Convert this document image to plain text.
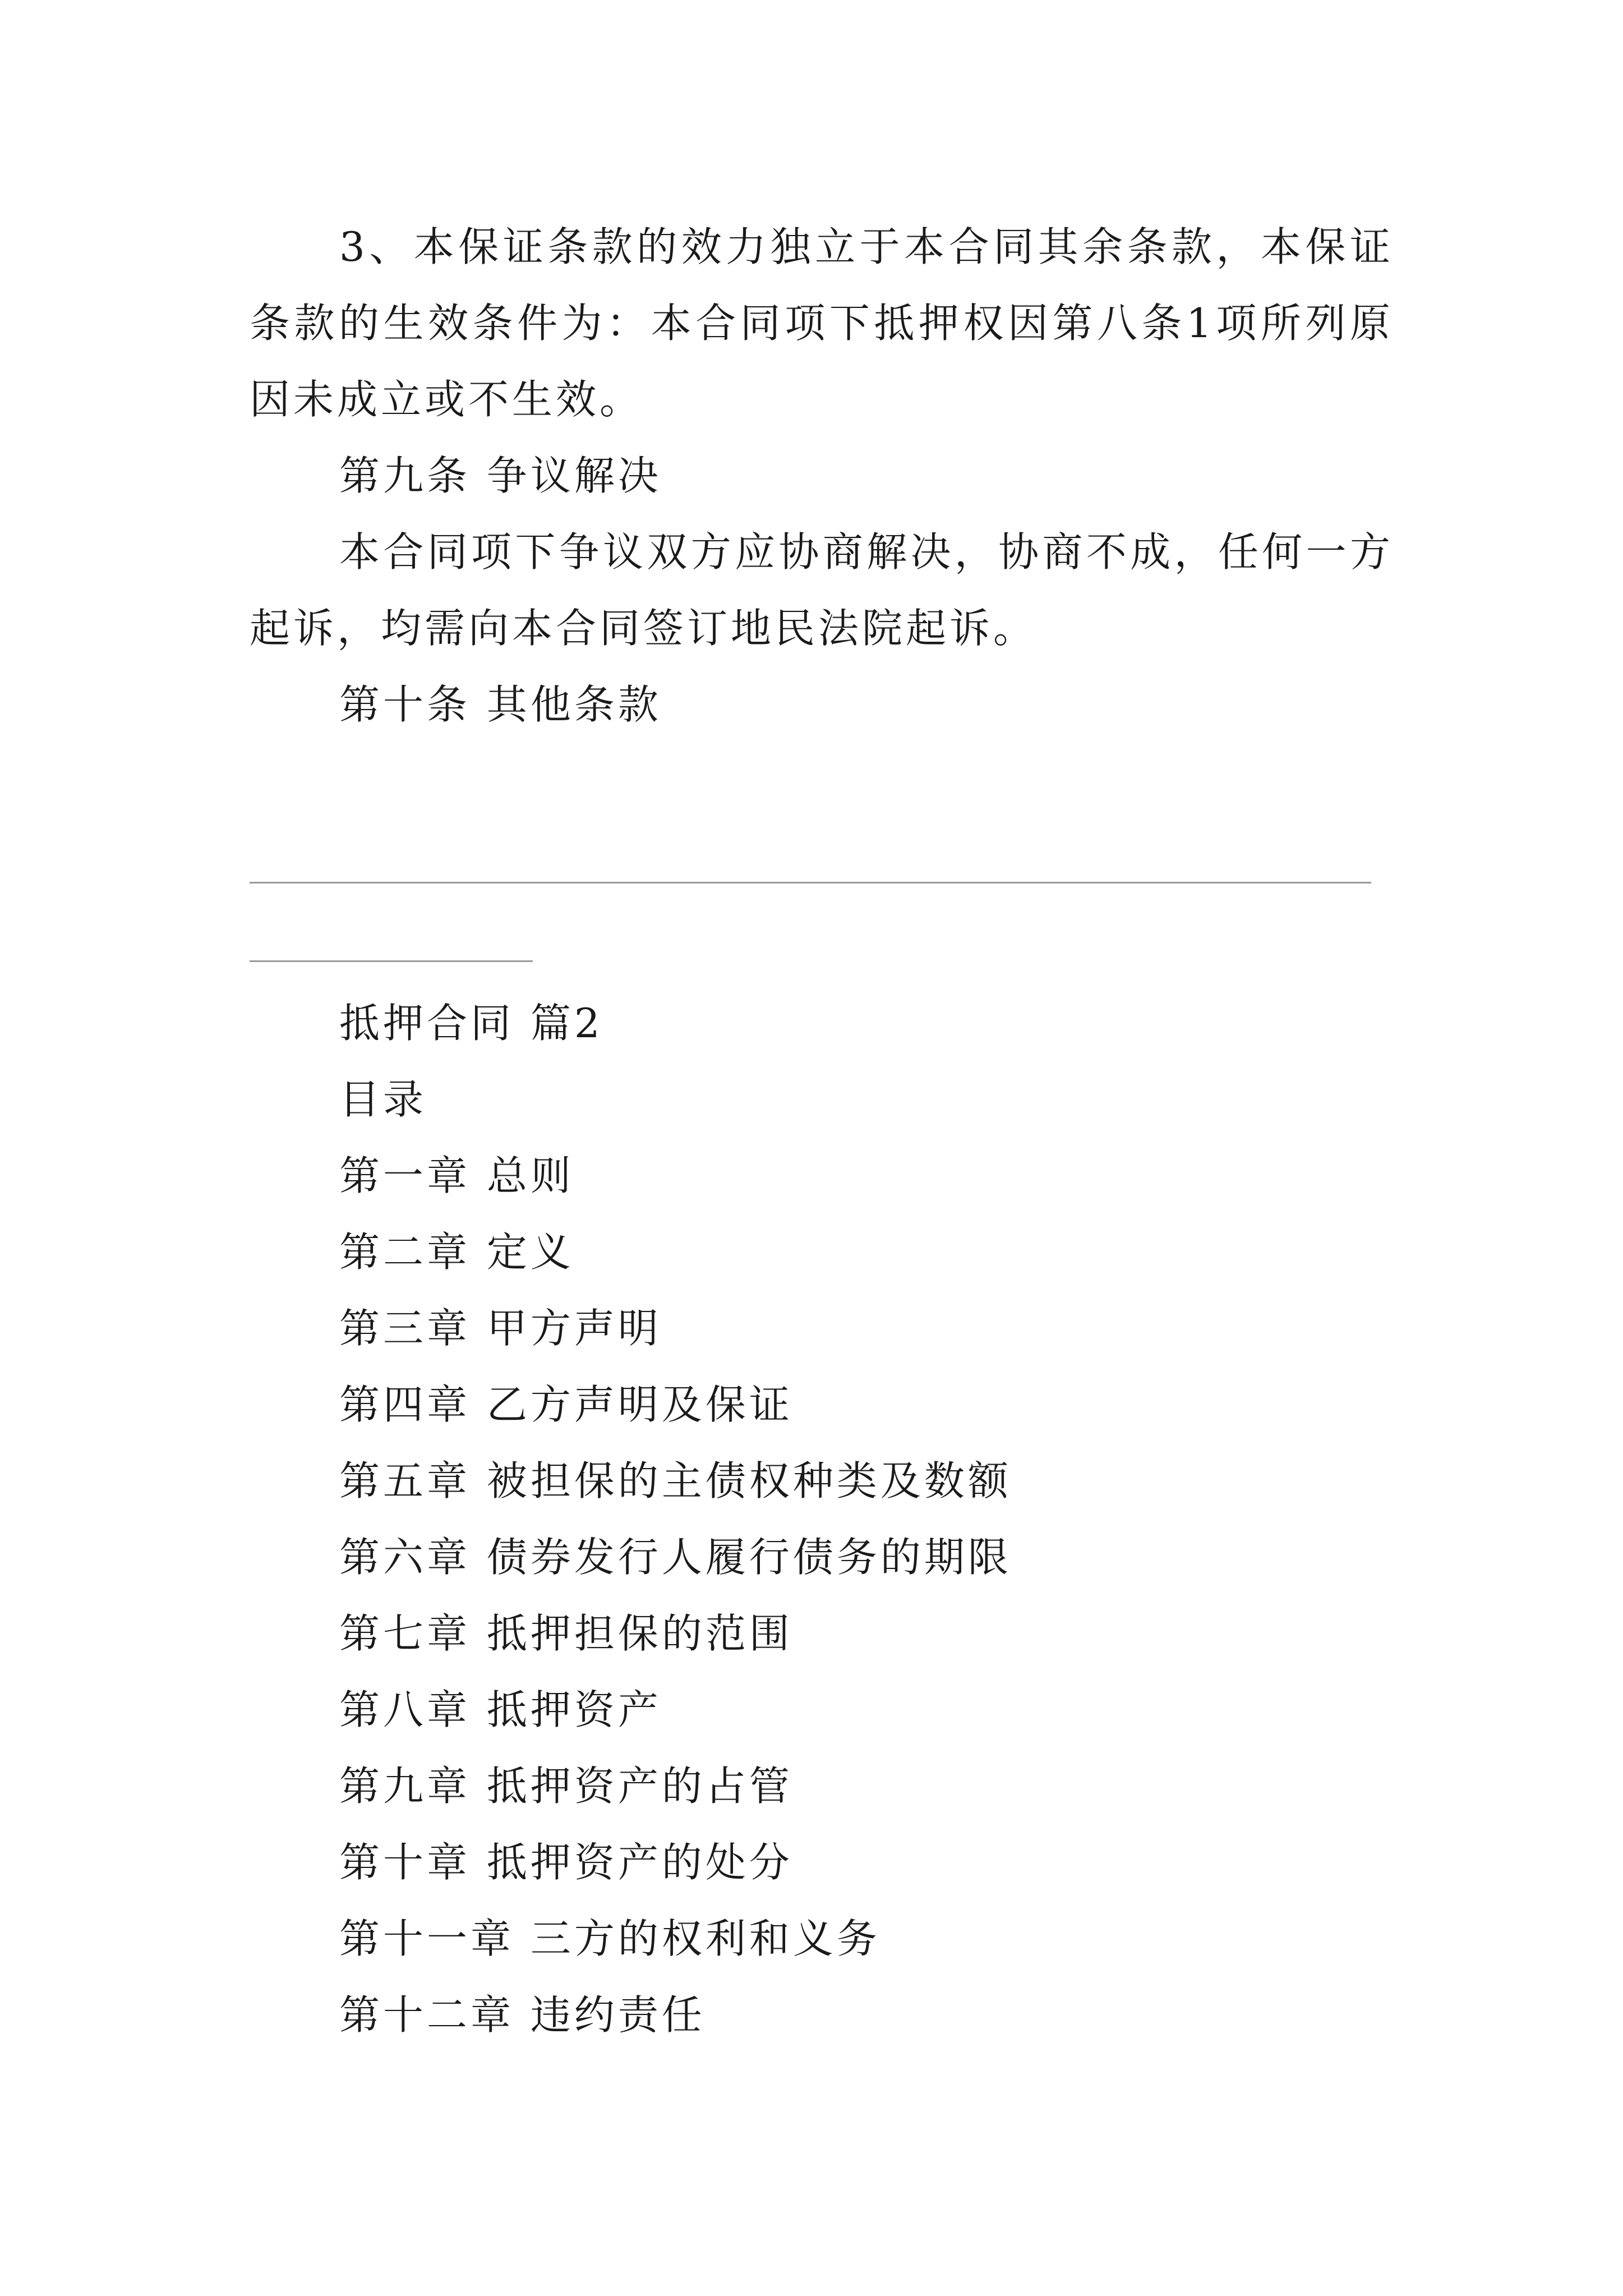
3、本保证条款的效力独立于本合同其余条款，本保证条款的生效条件为：本合同项下抵押权因第八条1项所列原因未成立或不生效。

第九条 争议解决

本合同项下争议双方应协商解决，协商不成，任何一方起诉，均需向本合同签订地民法院起诉。

第十条 其他条款

抵押合同 篇2

目录

第一章 总则

第二章 定义

第三章 甲方声明

第四章 乙方声明及保证

第五章 被担保的主债权种类及数额

第六章 债券发行人履行债务的期限

第七章 抵押担保的范围

第八章 抵押资产

第九章 抵押资产的占管

第十章 抵押资产的处分

第十一章 三方的权利和义务

第十二章 违约责任
